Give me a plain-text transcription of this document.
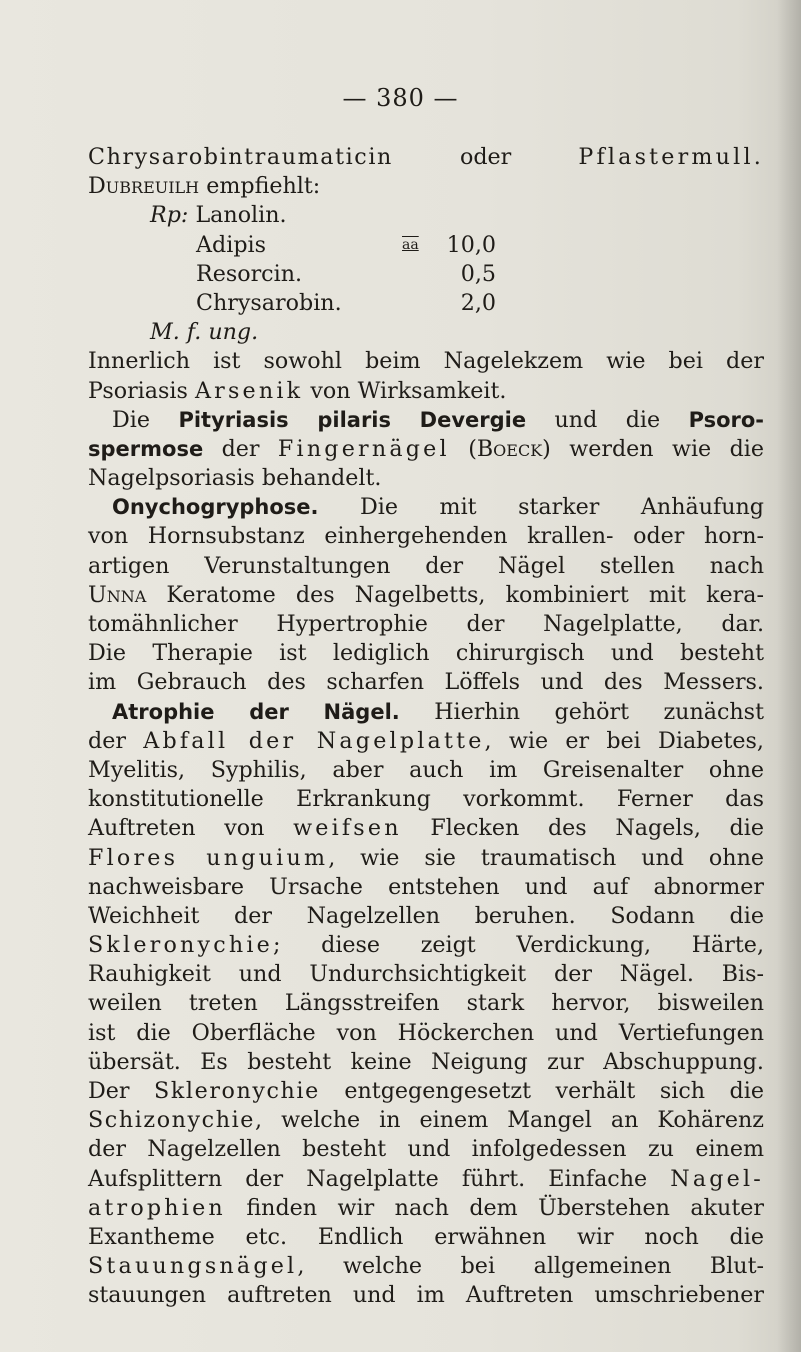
— 380 —
Chrysarobintraumaticin oder Pflastermull.
Dubreuilh empfiehlt:
Rp: Lanolin.
Adipis	aa 10,0
Resorcin.	0,5
Chrysarobin.	2,0
M. f. ung.
Innerlich ist sowohl beim Nagelekzem wie bei der
Psoriasis Arsenik von Wirksamkeit.
Die Pityriasis pilaris Devergie und die Psoro-
spermose der Fingernägel (Boeck) werden wie die
Nagelpsoriasis behandelt.
Onychogryphose. Die mit starker Anhäufung
von Hornsubstanz einhergehenden krallen- oder horn-
artigen Verunstaltungen der Nägel stellen nach
Unna Keratome des Nagelbetts, kombiniert mit kera-
tomähnlicher Hypertrophie der Nagelplatte, dar.
Die Therapie ist lediglich chirurgisch und besteht
im Gebrauch des scharfen Löffels und des Messers.
Atrophie der Nägel. Hierhin gehört zunächst
der Abfall der Nagelplatte, wie er bei Diabetes,
Myelitis, Syphilis, aber auch im Greisenalter ohne
konstitutionelle Erkrankung vorkommt. Ferner das
Auftreten von weifsen Flecken des Nagels, die
Flores unguium, wie sie traumatisch und ohne
nachweisbare Ursache entstehen und auf abnormer
Weichheit der Nagelzellen beruhen. Sodann die
Skleronychie; diese zeigt Verdickung, Härte,
Rauhigkeit und Undurchsichtigkeit der Nägel. Bis-
weilen treten Längsstreifen stark hervor, bisweilen
ist die Oberfläche von Höckerchen und Vertiefungen
übersät. Es besteht keine Neigung zur Abschuppung.
Der Skleronychie entgegengesetzt verhält sich die
Schizonychie, welche in einem Mangel an Kohärenz
der Nagelzellen besteht und infolgedessen zu einem
Aufsplittern der Nagelplatte führt. Einfache Nagel-
atrophien finden wir nach dem Überstehen akuter
Exantheme etc. Endlich erwähnen wir noch die
Stauungsnägel, welche bei allgemeinen Blut-
stauungen auftreten und im Auftreten umschriebener
